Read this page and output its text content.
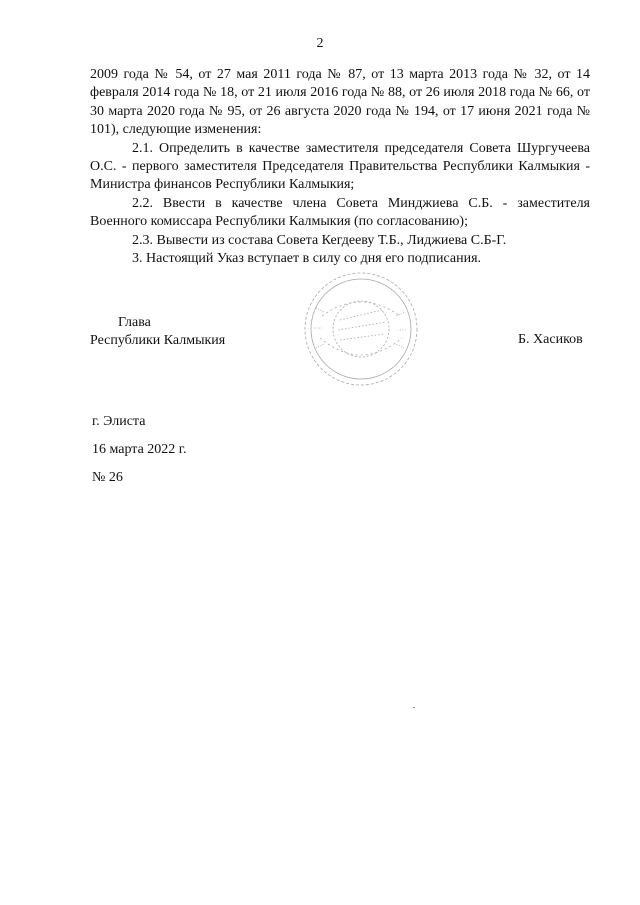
2

2009 года № 54, от 27 мая 2011 года № 87, от 13 марта 2013 года № 32, от 14 февраля 2014 года № 18, от 21 июля 2016 года № 88, от 26 июля 2018 года № 66, от 30 марта 2020 года № 95, от 26 августа 2020 года № 194, от 17 июня 2021 года № 101), следующие изменения:

2.1. Определить в качестве заместителя председателя Совета Шургучеева О.С. - первого заместителя Председателя Правительства Республики Калмыкия - Министра финансов Республики Калмыкия;

2.2. Ввести в качестве члена Совета Минджиева С.Б. - заместителя Военного комиссара Республики Калмыкия (по согласованию);

2.3. Вывести из состава Совета Кегдееву Т.Б., Лиджиева С.Б-Г.

3. Настоящий Указ вступает в силу со дня его подписания.

Глава
Республики Калмыкия	Б. Хасиков
г. Элиста
16 марта 2022 г.
№ 26
